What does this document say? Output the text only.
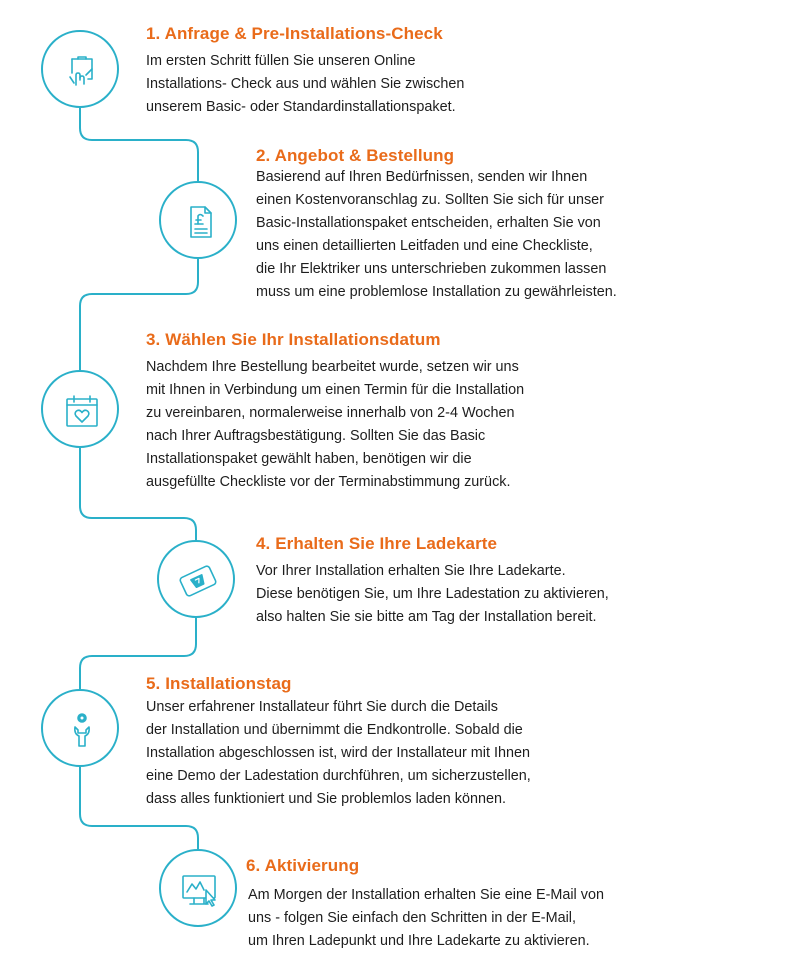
1. Anfrage & Pre-Installations-Check
Im ersten Schritt füllen Sie unseren Online
Installations- Check aus und wählen Sie zwischen
unserem Basic- oder Standardinstallationspaket.
2. Angebot & Bestellung
Basierend auf Ihren Bedürfnissen, senden wir Ihnen
einen Kostenvoranschlag zu. Sollten Sie sich für unser
Basic-Installationspaket entscheiden, erhalten Sie von
uns einen detaillierten Leitfaden und eine Checkliste,
die Ihr Elektriker uns unterschrieben zukommen lassen
muss um eine problemlose Installation zu gewährleisten.
3. Wählen Sie Ihr Installationsdatum
Nachdem Ihre Bestellung bearbeitet wurde, setzen wir uns
mit Ihnen in Verbindung um einen Termin für die Installation
zu vereinbaren, normalerweise innerhalb von 2-4 Wochen
nach Ihrer Auftragsbestätigung. Sollten Sie das Basic
Installationspaket gewählt haben, benötigen wir die
ausgefüllte Checkliste vor der Terminabstimmung zurück.
4. Erhalten Sie Ihre Ladekarte
Vor Ihrer Installation erhalten Sie Ihre Ladekarte.
Diese benötigen Sie, um Ihre Ladestation zu aktivieren,
also halten Sie sie bitte am Tag der Installation bereit.
5. Installationstag
Unser erfahrener Installateur führt Sie durch die Details
der Installation und übernimmt die Endkontrolle. Sobald die
Installation abgeschlossen ist, wird der Installateur mit Ihnen
eine Demo der Ladestation durchführen, um sicherzustellen,
dass alles funktioniert und Sie problemlos laden können.
6. Aktivierung
Am Morgen der Installation erhalten Sie eine E-Mail von
uns - folgen Sie einfach den Schritten in der E-Mail,
um Ihren Ladepunkt und Ihre Ladekarte zu aktivieren.
